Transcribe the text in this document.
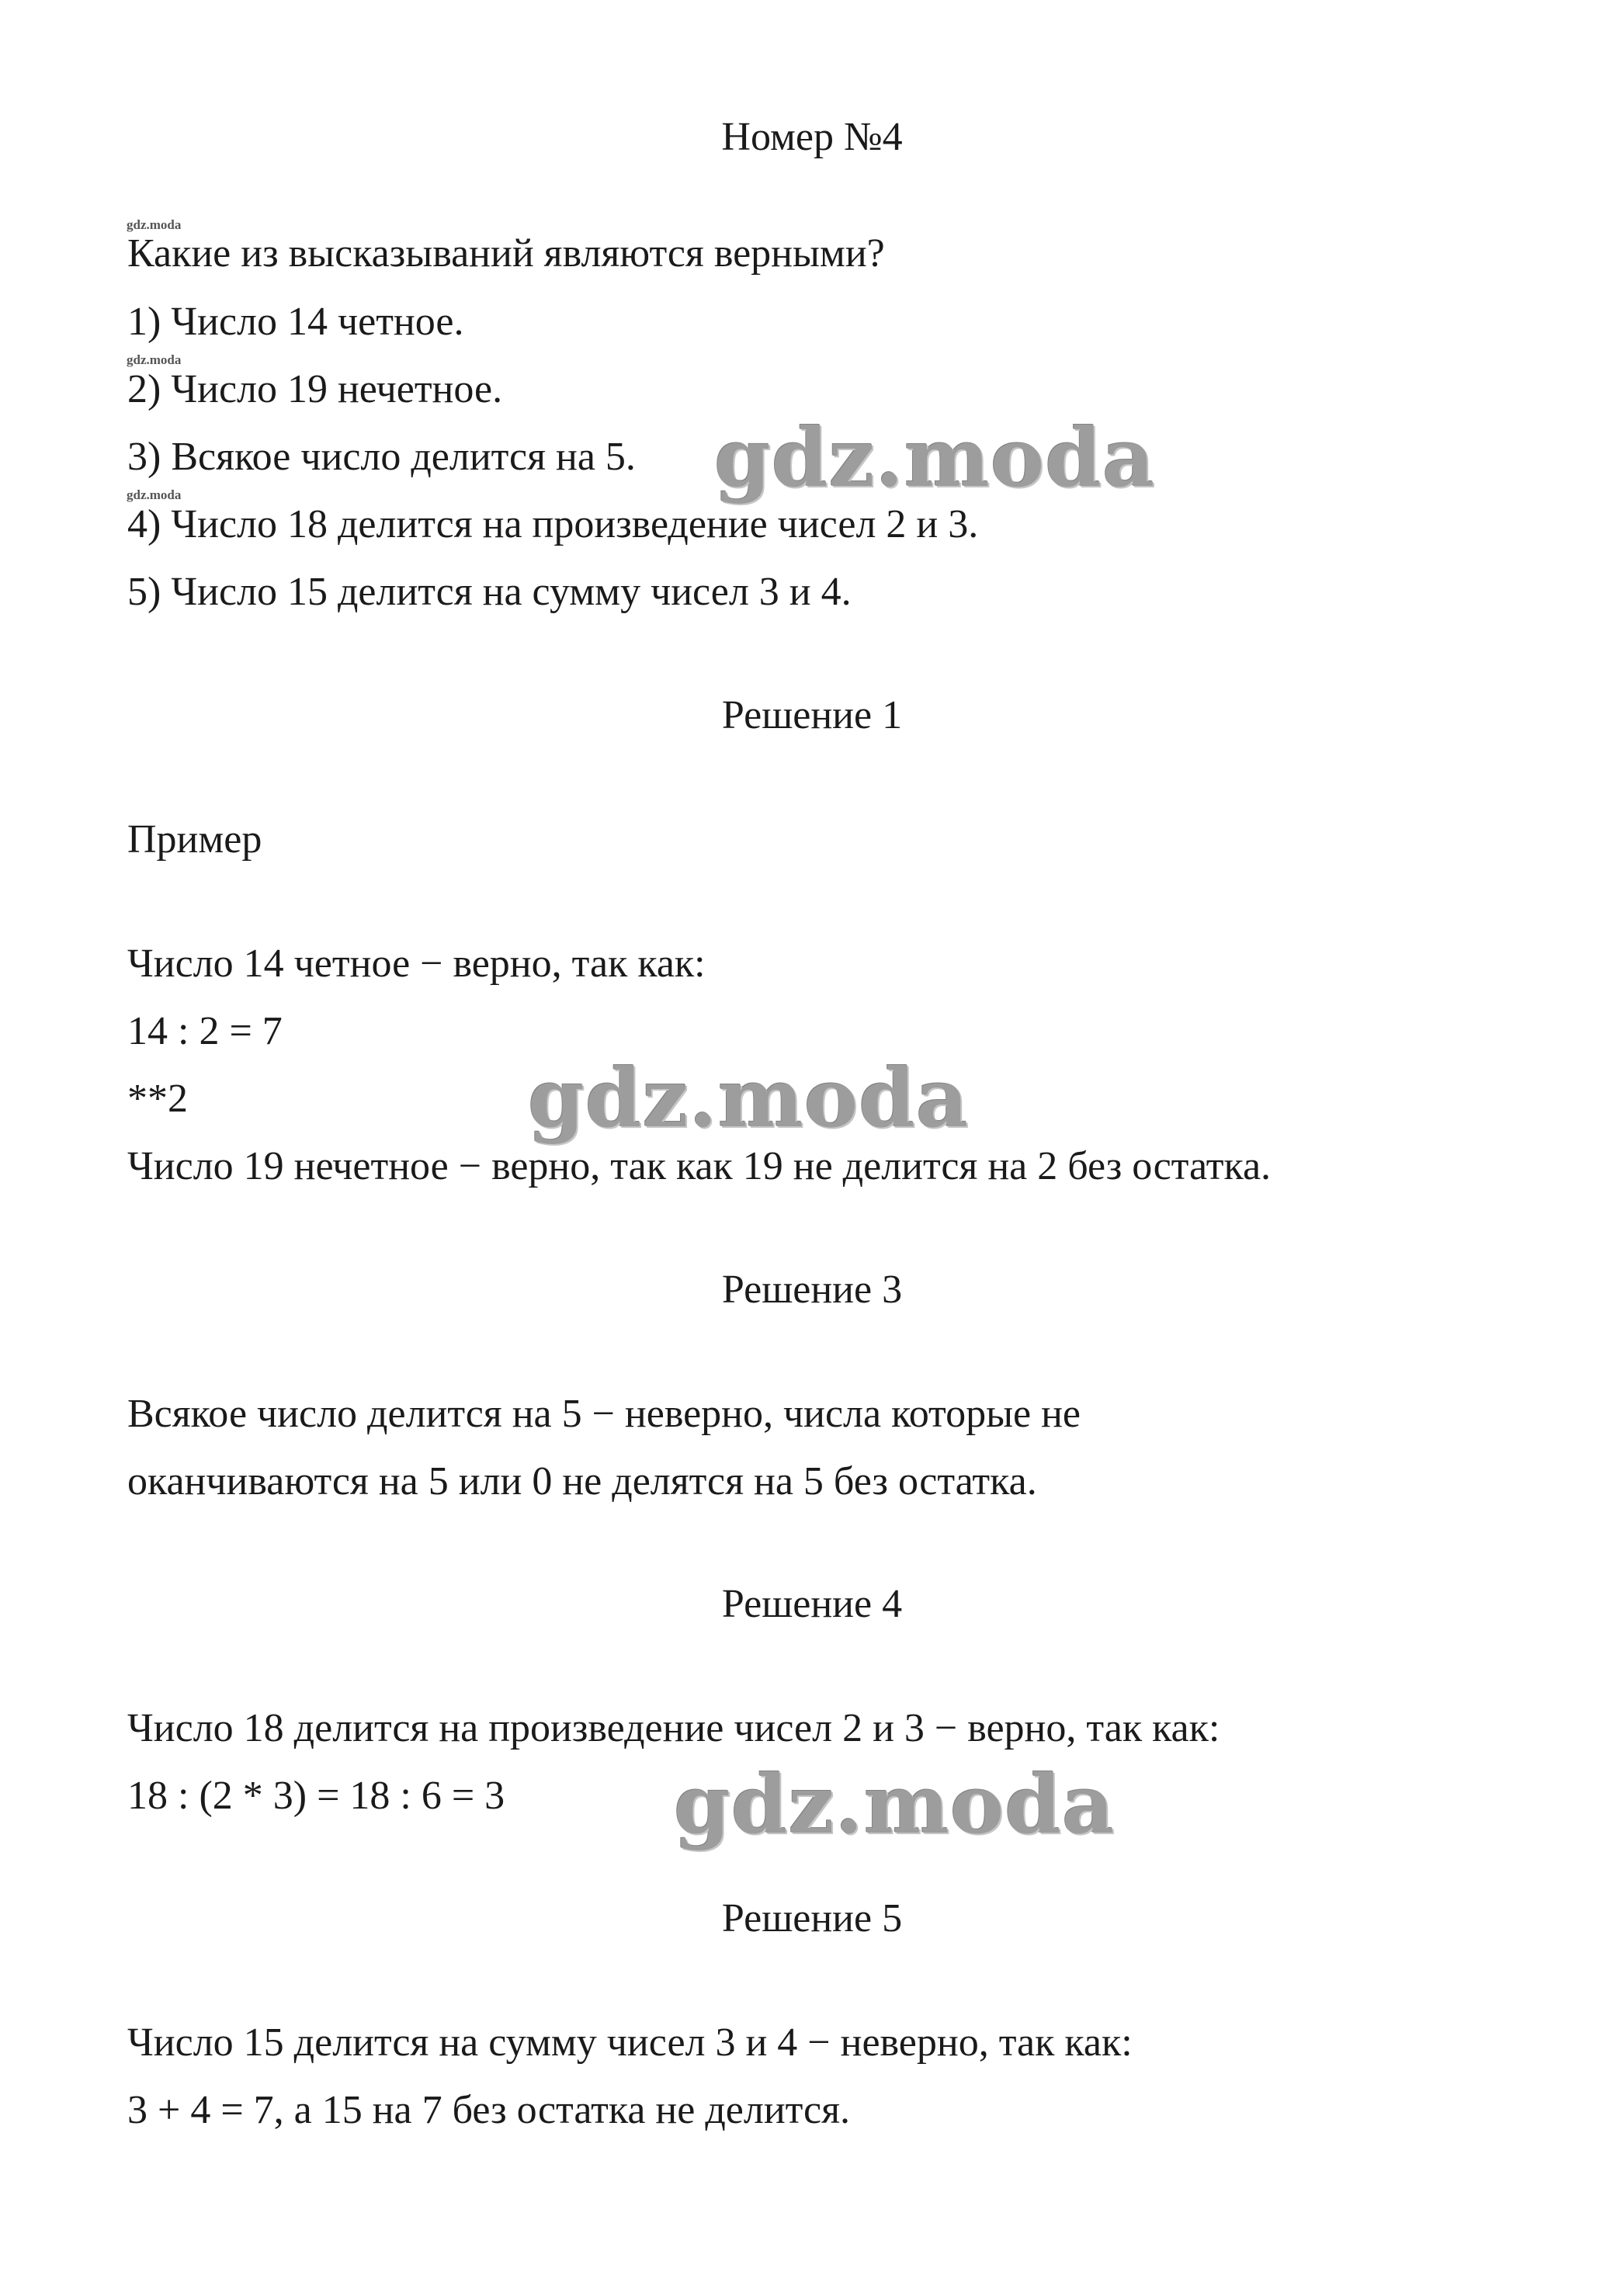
Номер №4
gdz.moda
gdz.moda
gdz.moda
Какие из высказываний являются верными?
1) Число 14 четное.
2) Число 19 нечетное.
3) Всякое число делится на 5.
4) Число 18 делится на произведение чисел 2 и 3.
5) Число 15 делится на сумму чисел 3 и 4.
Решение 1
Пример
Число 14 четное − верно, так как:
14 : 2 = 7
**2
Число 19 нечетное − верно, так как 19 не делится на 2 без остатка.
Решение 3
Всякое число делится на 5 − неверно, числа которые не
оканчиваются на 5 или 0 не делятся на 5 без остатка.
Решение 4
Число 18 делится на произведение чисел 2 и 3 − верно, так как:
18 : (2 * 3) = 18 : 6 = 3
Решение 5
Число 15 делится на сумму чисел 3 и 4 − неверно, так как:
3 + 4 = 7, а 15 на 7 без остатка не делится.
gdz.moda
gdz.moda
gdz.moda
